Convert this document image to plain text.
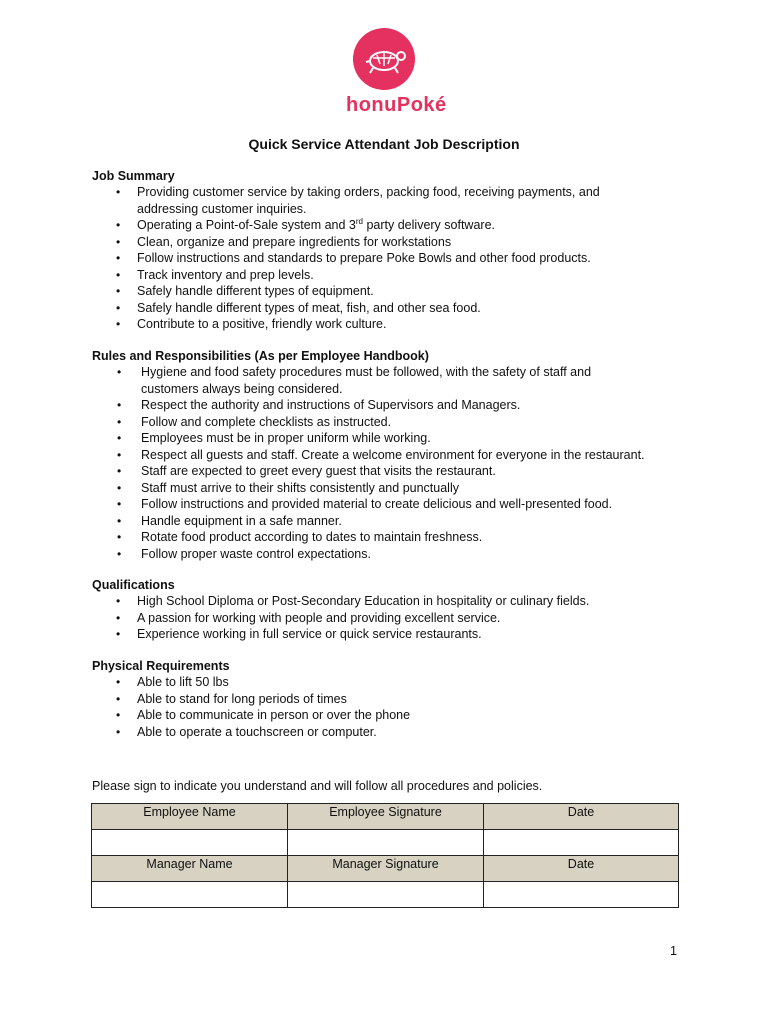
honuPoké
Quick Service Attendant Job Description
Job Summary
• Providing customer service by taking orders, packing food, receiving payments, and addressing customer inquiries.
• Operating a Point-of-Sale system and 3rd party delivery software.
• Clean, organize and prepare ingredients for workstations
• Follow instructions and standards to prepare Poke Bowls and other food products.
• Track inventory and prep levels.
• Safely handle different types of equipment.
• Safely handle different types of meat, fish, and other sea food.
• Contribute to a positive, friendly work culture.
Rules and Responsibilities (As per Employee Handbook)
• Hygiene and food safety procedures must be followed, with the safety of staff and customers always being considered.
• Respect the authority and instructions of Supervisors and Managers.
• Follow and complete checklists as instructed.
• Employees must be in proper uniform while working.
• Respect all guests and staff. Create a welcome environment for everyone in the restaurant.
• Staff are expected to greet every guest that visits the restaurant.
• Staff must arrive to their shifts consistently and punctually
• Follow instructions and provided material to create delicious and well-presented food.
• Handle equipment in a safe manner.
• Rotate food product according to dates to maintain freshness.
• Follow proper waste control expectations.
Qualifications
• High School Diploma or Post-Secondary Education in hospitality or culinary fields.
• A passion for working with people and providing excellent service.
• Experience working in full service or quick service restaurants.
Physical Requirements
• Able to lift 50 lbs
• Able to stand for long periods of times
• Able to communicate in person or over the phone
• Able to operate a touchscreen or computer.
Please sign to indicate you understand and will follow all procedures and policies.
Employee Name	Employee Signature	Date

Manager Name	Manager Signature	Date

1
